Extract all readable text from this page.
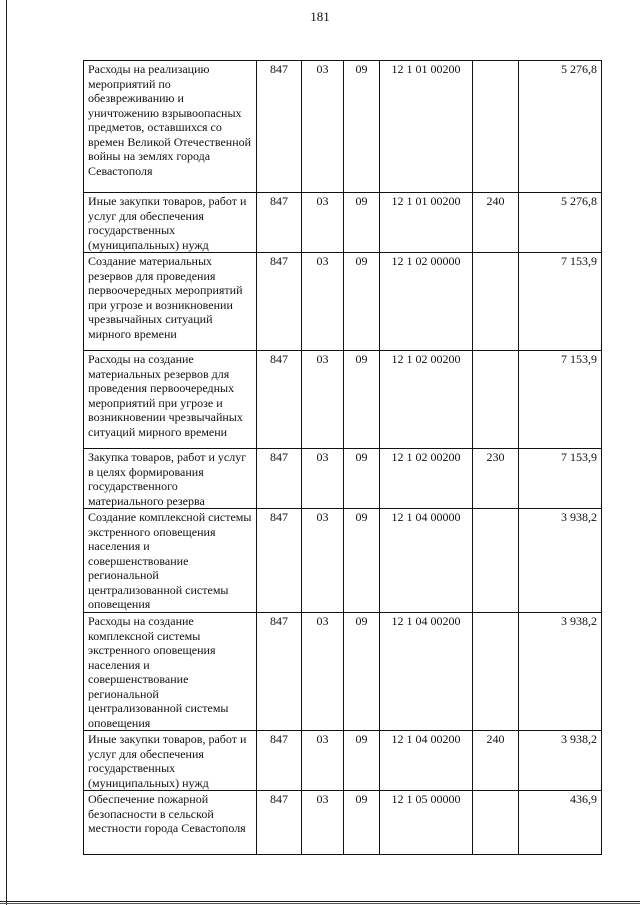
181
Расходы на реализацию мероприятий по обезвреживанию и уничтожению взрывоопасных предметов, оставшихся со времен Великой Отечественной войны на землях города Севастополя	847	03	09	12 1 01 00200		5 276,8
Иные закупки товаров, работ и услуг для обеспечения государственных (муниципальных) нужд	847	03	09	12 1 01 00200	240	5 276,8
Создание материальных резервов для проведения первоочередных мероприятий при угрозе и возникновении чрезвычайных ситуаций мирного времени	847	03	09	12 1 02 00000		7 153,9
Расходы на создание материальных резервов для проведения первоочередных мероприятий при угрозе и возникновении чрезвычайных ситуаций мирного времени	847	03	09	12 1 02 00200		7 153,9
Закупка товаров, работ и услуг в целях формирования государственного материального резерва	847	03	09	12 1 02 00200	230	7 153,9
Создание комплексной системы экстренного оповещения населения и совершенствование региональной централизованной системы оповещения	847	03	09	12 1 04 00000		3 938,2
Расходы на создание комплексной системы экстренного оповещения населения и совершенствование региональной централизованной системы оповещения	847	03	09	12 1 04 00200		3 938,2
Иные закупки товаров, работ и услуг для обеспечения государственных (муниципальных) нужд	847	03	09	12 1 04 00200	240	3 938,2
Обеспечение пожарной безопасности в сельской местности города Севастополя	847	03	09	12 1 05 00000		436,9
